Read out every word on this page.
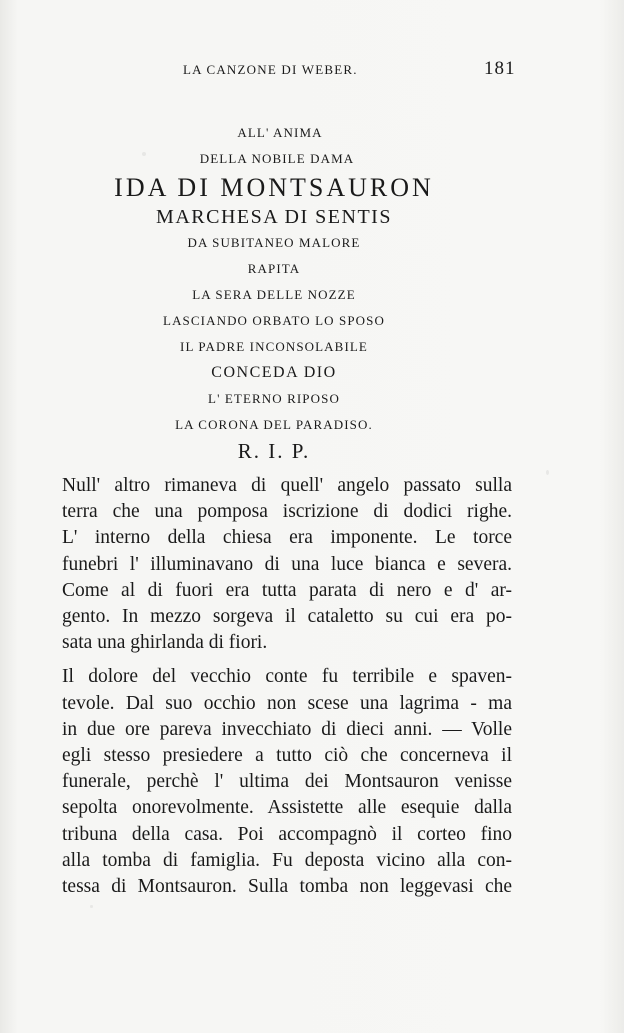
LA CANZONE DI WEBER.	181
ALL' ANIMA
DELLA NOBILE DAMA
IDA DI MONTSAURON
MARCHESA DI SENTIS
DA SUBITANEO MALORE
RAPITA
LA SERA DELLE NOZZE
LASCIANDO ORBATO LO SPOSO
IL PADRE INCONSOLABILE
CONCEDA DIO
L' ETERNO RIPOSO
LA CORONA DEL PARADISO.
R. I. P.

Null' altro rimaneva di quell' angelo passato sulla
terra che una pomposa iscrizione di dodici righe.
L' interno della chiesa era imponente. Le torce
funebri l' illuminavano di una luce bianca e severa.
Come al di fuori era tutta parata di nero e d' ar-
gento. In mezzo sorgeva il cataletto su cui era po-
sata una ghirlanda di fiori.

Il dolore del vecchio conte fu terribile e spaven-
tevole. Dal suo occhio non scese una lagrima - ma
in due ore pareva invecchiato di dieci anni. — Volle
egli stesso presiedere a tutto ciò che concerneva il
funerale, perchè l' ultima dei Montsauron venisse
sepolta onorevolmente. Assistette alle esequie dalla
tribuna della casa. Poi accompagnò il corteo fino
alla tomba di famiglia. Fu deposta vicino alla con-
tessa di Montsauron. Sulla tomba non leggevasi che
